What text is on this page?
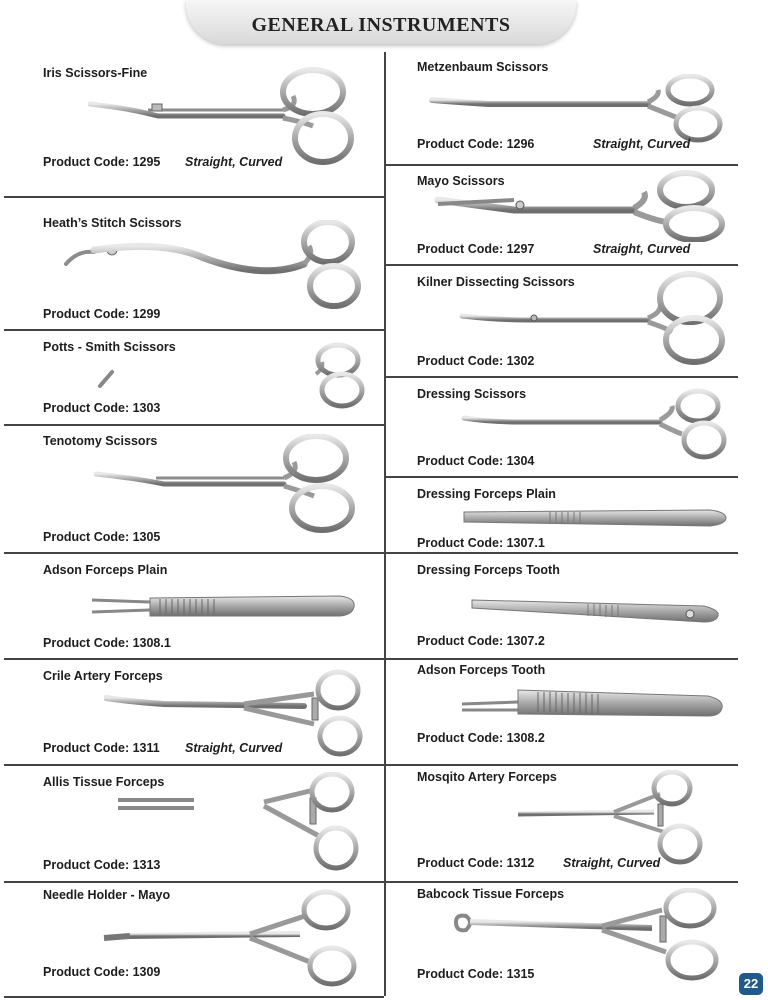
GENERAL INSTRUMENTS
Iris Scissors-Fine
Product Code: 1295 Straight, Curved
Heath’s Stitch Scissors
Product Code: 1299
Potts - Smith Scissors
Product Code: 1303
Tenotomy Scissors
Product Code: 1305
Adson Forceps Plain
Product Code: 1308.1
Crile Artery Forceps
Product Code: 1311 Straight, Curved
Allis Tissue Forceps
Product Code: 1313
Needle Holder - Mayo
Product Code: 1309
Metzenbaum Scissors
Product Code: 1296	Straight, Curved
Mayo Scissors
Product Code: 1297	Straight, Curved
Kilner Dissecting Scissors
Product Code: 1302
Dressing Scissors
Product Code: 1304
Dressing Forceps Plain
Product Code: 1307.1
Dressing Forceps Tooth
Product Code: 1307.2
Adson Forceps Tooth
Product Code: 1308.2
Mosqito Artery Forceps
Product Code: 1312 Straight, Curved
Babcock Tissue Forceps
Product Code: 1315
22
